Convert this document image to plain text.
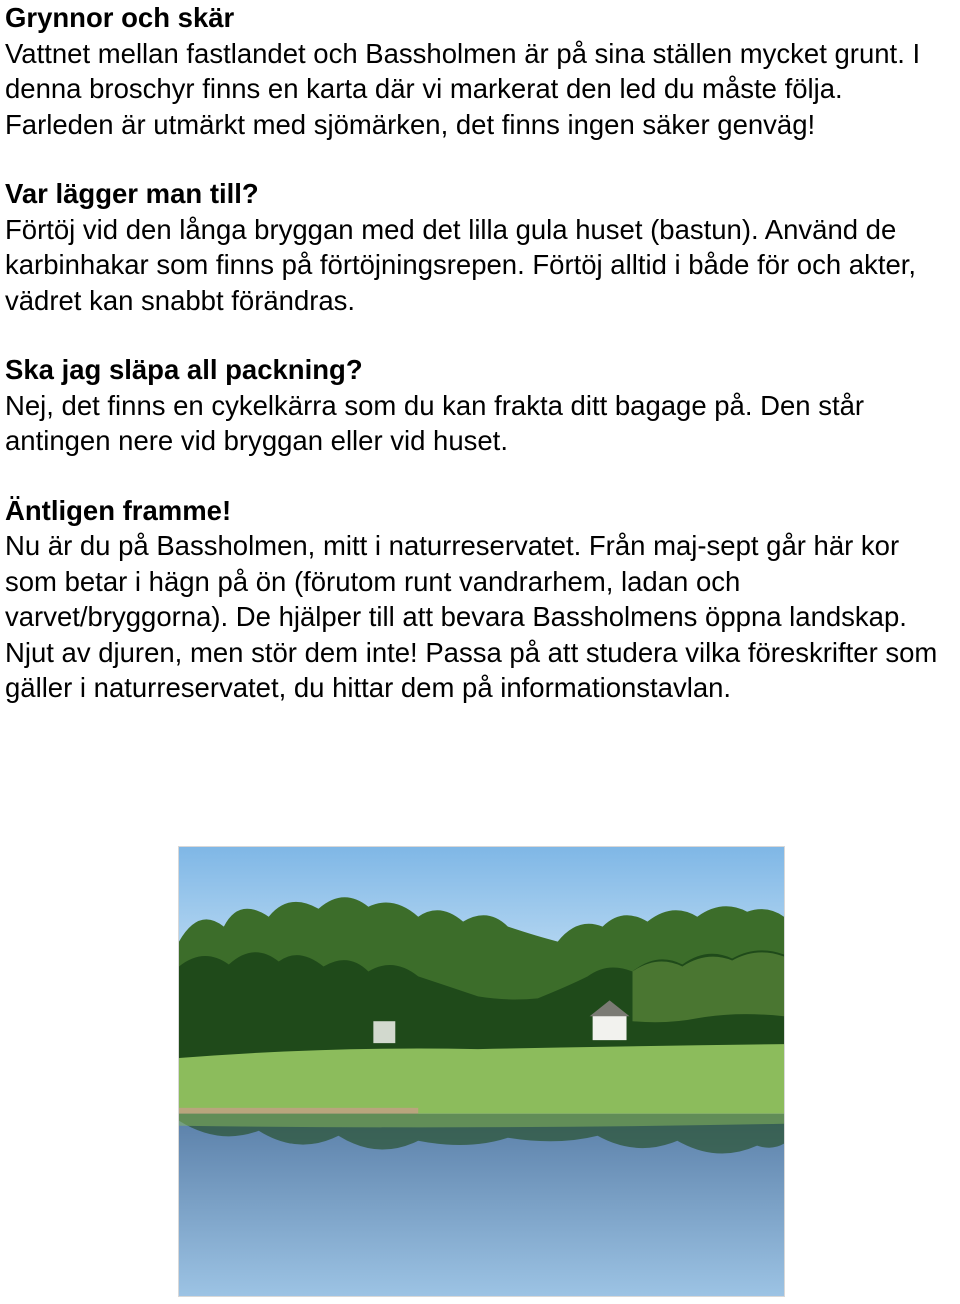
Grynnor och skär

Vattnet mellan fastlandet och Bassholmen är på sina ställen mycket grunt. I denna broschyr finns en karta där vi markerat den led du måste följa. Farleden är utmärkt med sjömärken, det finns ingen säker genväg!

Var lägger man till?

Förtöj vid den långa bryggan med det lilla gula huset (bastun). Använd de karbinhakar som finns på förtöjningsrepen. Förtöj alltid i både för och akter, vädret kan snabbt förändras.

Ska jag släpa all packning?

Nej, det finns en cykelkärra som du kan frakta ditt bagage på. Den står antingen nere vid bryggan eller vid huset.

Äntligen framme!

Nu är du på Bassholmen, mitt i naturreservatet. Från maj-sept går här kor som betar i hägn på ön (förutom runt vandrarhem, ladan och varvet/bryggorna). De hjälper till att bevara Bassholmens öppna landskap. Njut av djuren, men stör dem inte! Passa på att studera vilka föreskrifter som gäller i naturreservatet, du hittar dem på informationstavlan.
